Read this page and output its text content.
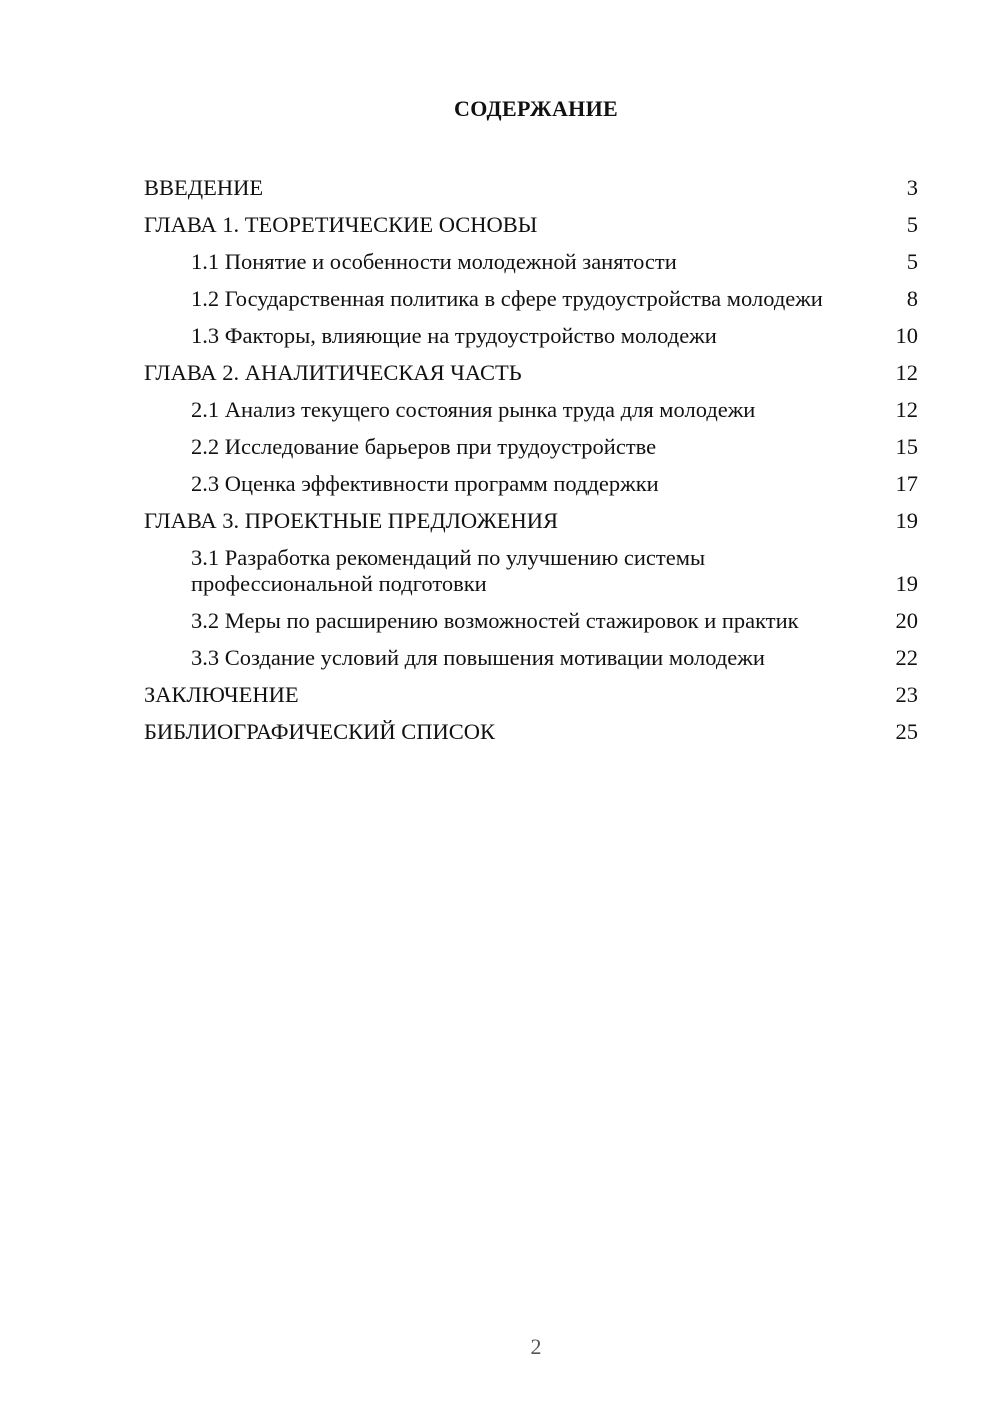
СОДЕРЖАНИЕ
ВВЕДЕНИЕ	3
ГЛАВА 1. ТЕОРЕТИЧЕСКИЕ ОСНОВЫ	5
1.1 Понятие и особенности молодежной занятости	5
1.2 Государственная политика в сфере трудоустройства молодежи	8
1.3 Факторы, влияющие на трудоустройство молодежи	10
ГЛАВА 2. АНАЛИТИЧЕСКАЯ ЧАСТЬ	12
2.1 Анализ текущего состояния рынка труда для молодежи	12
2.2 Исследование барьеров при трудоустройстве	15
2.3 Оценка эффективности программ поддержки	17
ГЛАВА 3. ПРОЕКТНЫЕ ПРЕДЛОЖЕНИЯ	19
3.1 Разработка рекомендаций по улучшению системы профессиональной подготовки	19
3.2 Меры по расширению возможностей стажировок и практик	20
3.3 Создание условий для повышения мотивации молодежи	22
ЗАКЛЮЧЕНИЕ	23
БИБЛИОГРАФИЧЕСКИЙ СПИСОК	25
2
